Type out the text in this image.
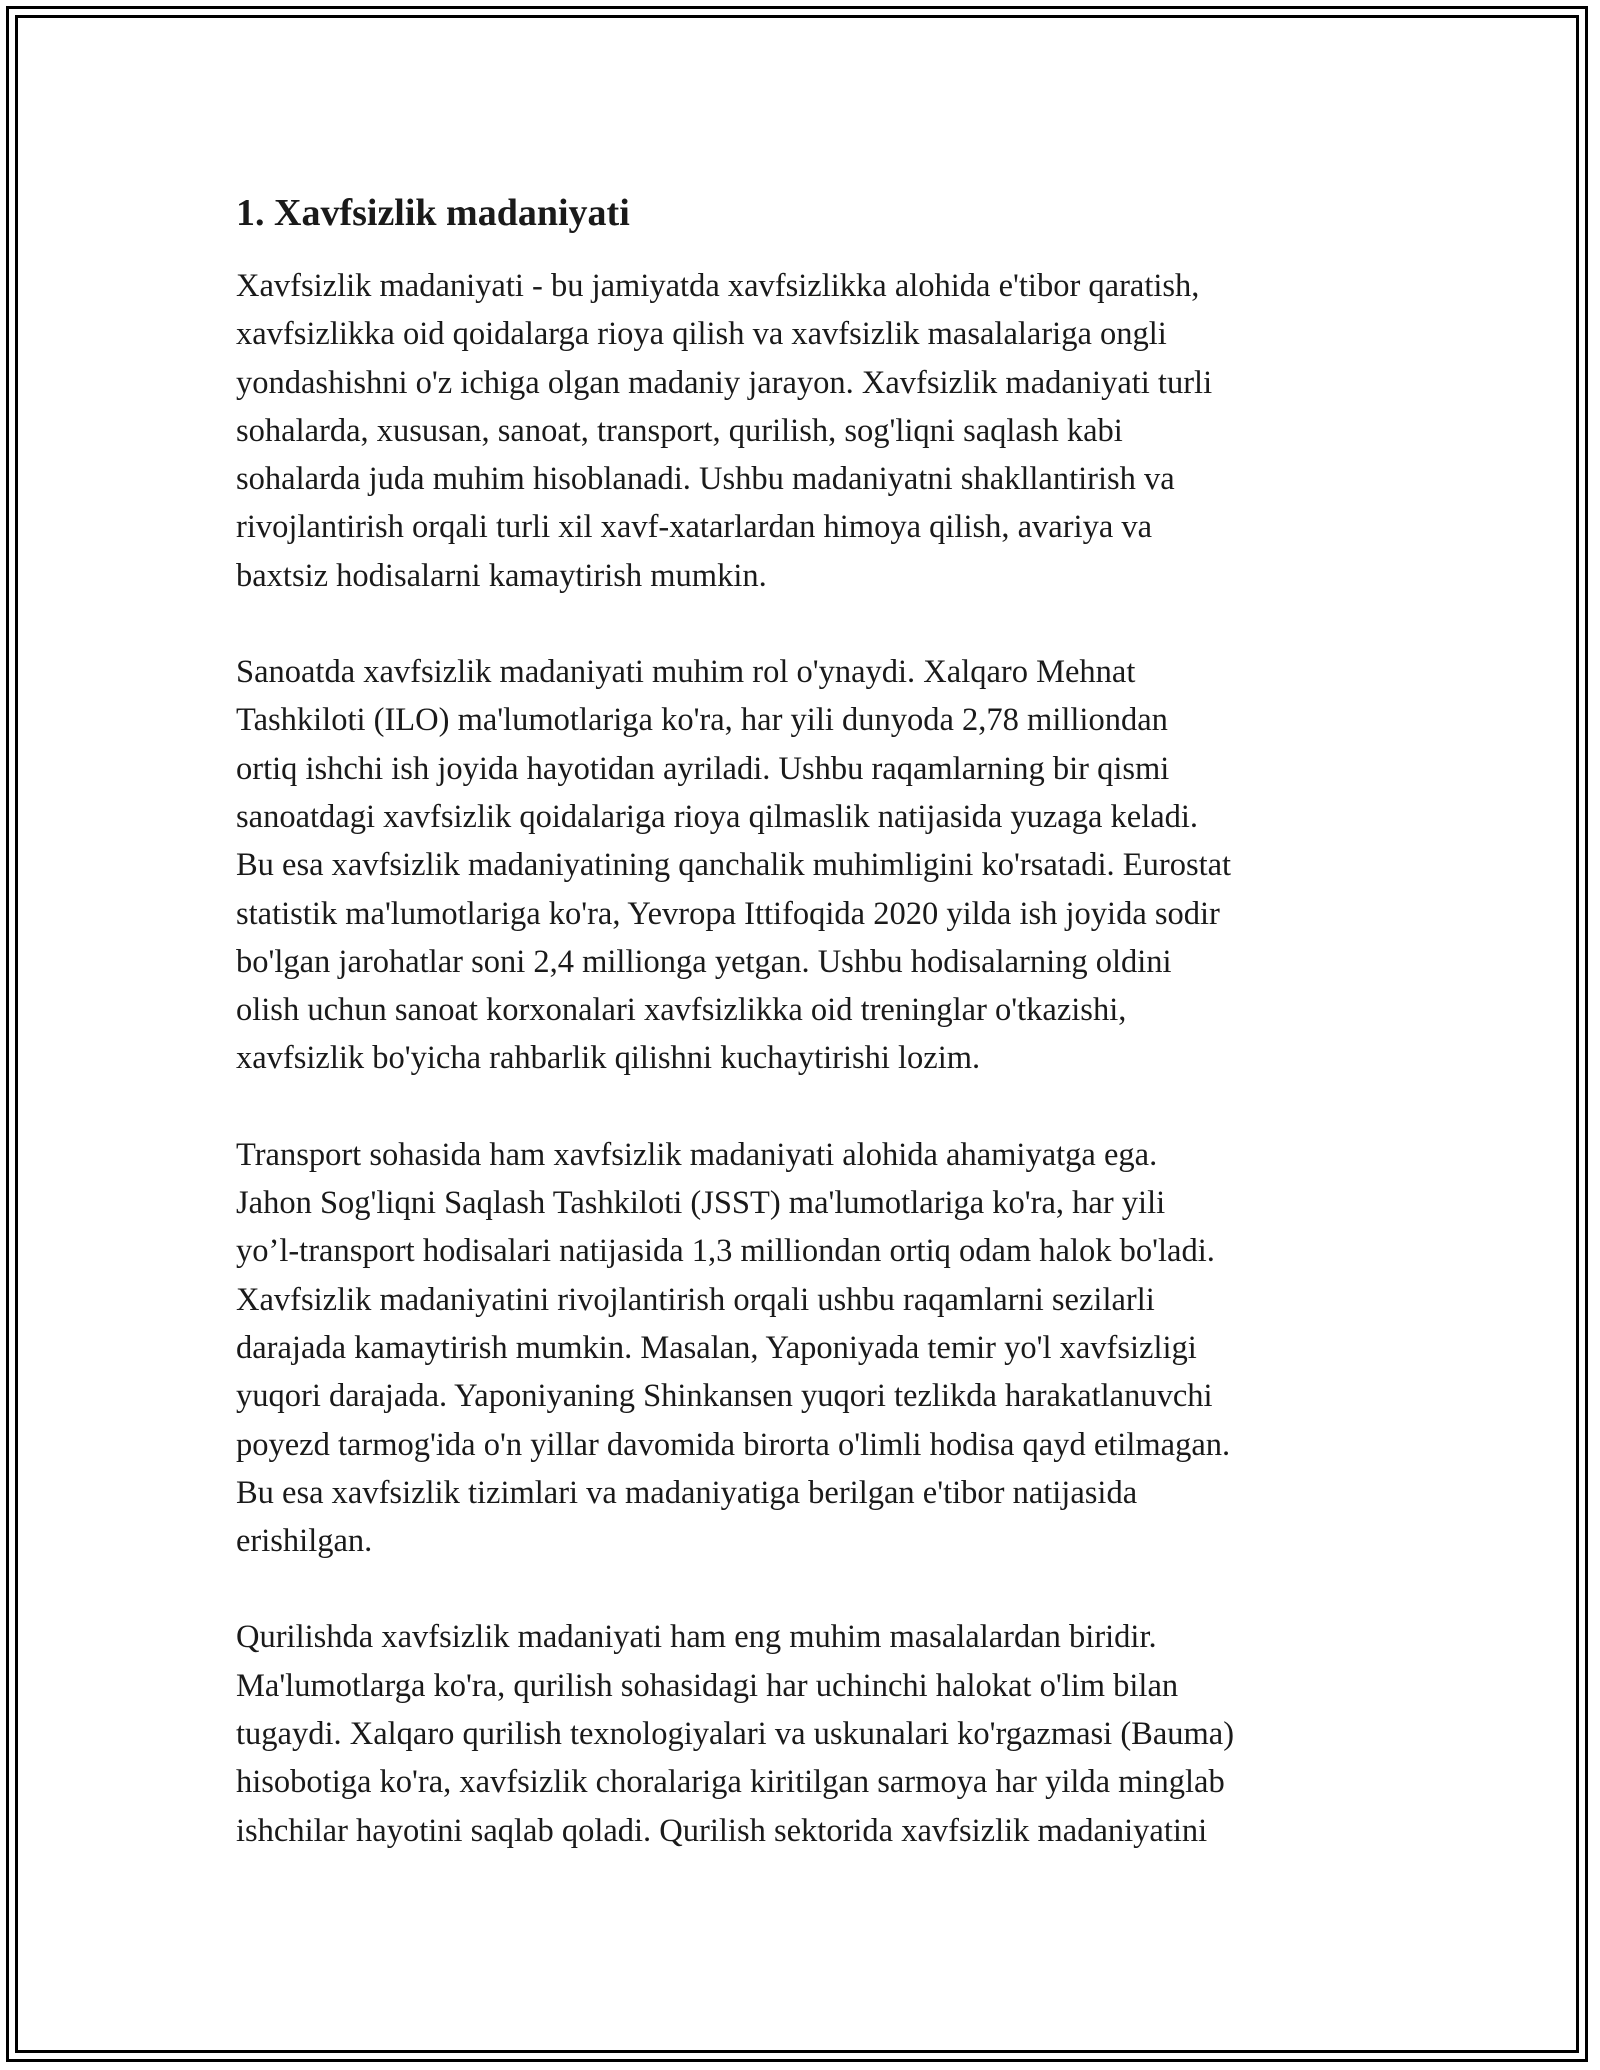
1. Xavfsizlik madaniyati

Xavfsizlik madaniyati - bu jamiyatda xavfsizlikka alohida e'tibor qaratish,
xavfsizlikka oid qoidalarga rioya qilish va xavfsizlik masalalariga ongli
yondashishni o'z ichiga olgan madaniy jarayon. Xavfsizlik madaniyati turli
sohalarda, xususan, sanoat, transport, qurilish, sog'liqni saqlash kabi
sohalarda juda muhim hisoblanadi. Ushbu madaniyatni shakllantirish va
rivojlantirish orqali turli xil xavf-xatarlardan himoya qilish, avariya va
baxtsiz hodisalarni kamaytirish mumkin.

Sanoatda xavfsizlik madaniyati muhim rol o'ynaydi. Xalqaro Mehnat
Tashkiloti (ILO) ma'lumotlariga ko'ra, har yili dunyoda 2,78 milliondan
ortiq ishchi ish joyida hayotidan ayriladi. Ushbu raqamlarning bir qismi
sanoatdagi xavfsizlik qoidalariga rioya qilmaslik natijasida yuzaga keladi.
Bu esa xavfsizlik madaniyatining qanchalik muhimligini ko'rsatadi. Eurostat
statistik ma'lumotlariga ko'ra, Yevropa Ittifoqida 2020 yilda ish joyida sodir
bo'lgan jarohatlar soni 2,4 millionga yetgan. Ushbu hodisalarning oldini
olish uchun sanoat korxonalari xavfsizlikka oid treninglar o'tkazishi,
xavfsizlik bo'yicha rahbarlik qilishni kuchaytirishi lozim.

Transport sohasida ham xavfsizlik madaniyati alohida ahamiyatga ega.
Jahon Sog'liqni Saqlash Tashkiloti (JSST) ma'lumotlariga ko'ra, har yili
yo’l-transport hodisalari natijasida 1,3 milliondan ortiq odam halok bo'ladi.
Xavfsizlik madaniyatini rivojlantirish orqali ushbu raqamlarni sezilarli
darajada kamaytirish mumkin. Masalan, Yaponiyada temir yo'l xavfsizligi
yuqori darajada. Yaponiyaning Shinkansen yuqori tezlikda harakatlanuvchi
poyezd tarmog'ida o'n yillar davomida birorta o'limli hodisa qayd etilmagan.
Bu esa xavfsizlik tizimlari va madaniyatiga berilgan e'tibor natijasida
erishilgan.

Qurilishda xavfsizlik madaniyati ham eng muhim masalalardan biridir.
Ma'lumotlarga ko'ra, qurilish sohasidagi har uchinchi halokat o'lim bilan
tugaydi. Xalqaro qurilish texnologiyalari va uskunalari ko'rgazmasi (Bauma)
hisobotiga ko'ra, xavfsizlik choralariga kiritilgan sarmoya har yilda minglab
ishchilar hayotini saqlab qoladi. Qurilish sektorida xavfsizlik madaniyatini
